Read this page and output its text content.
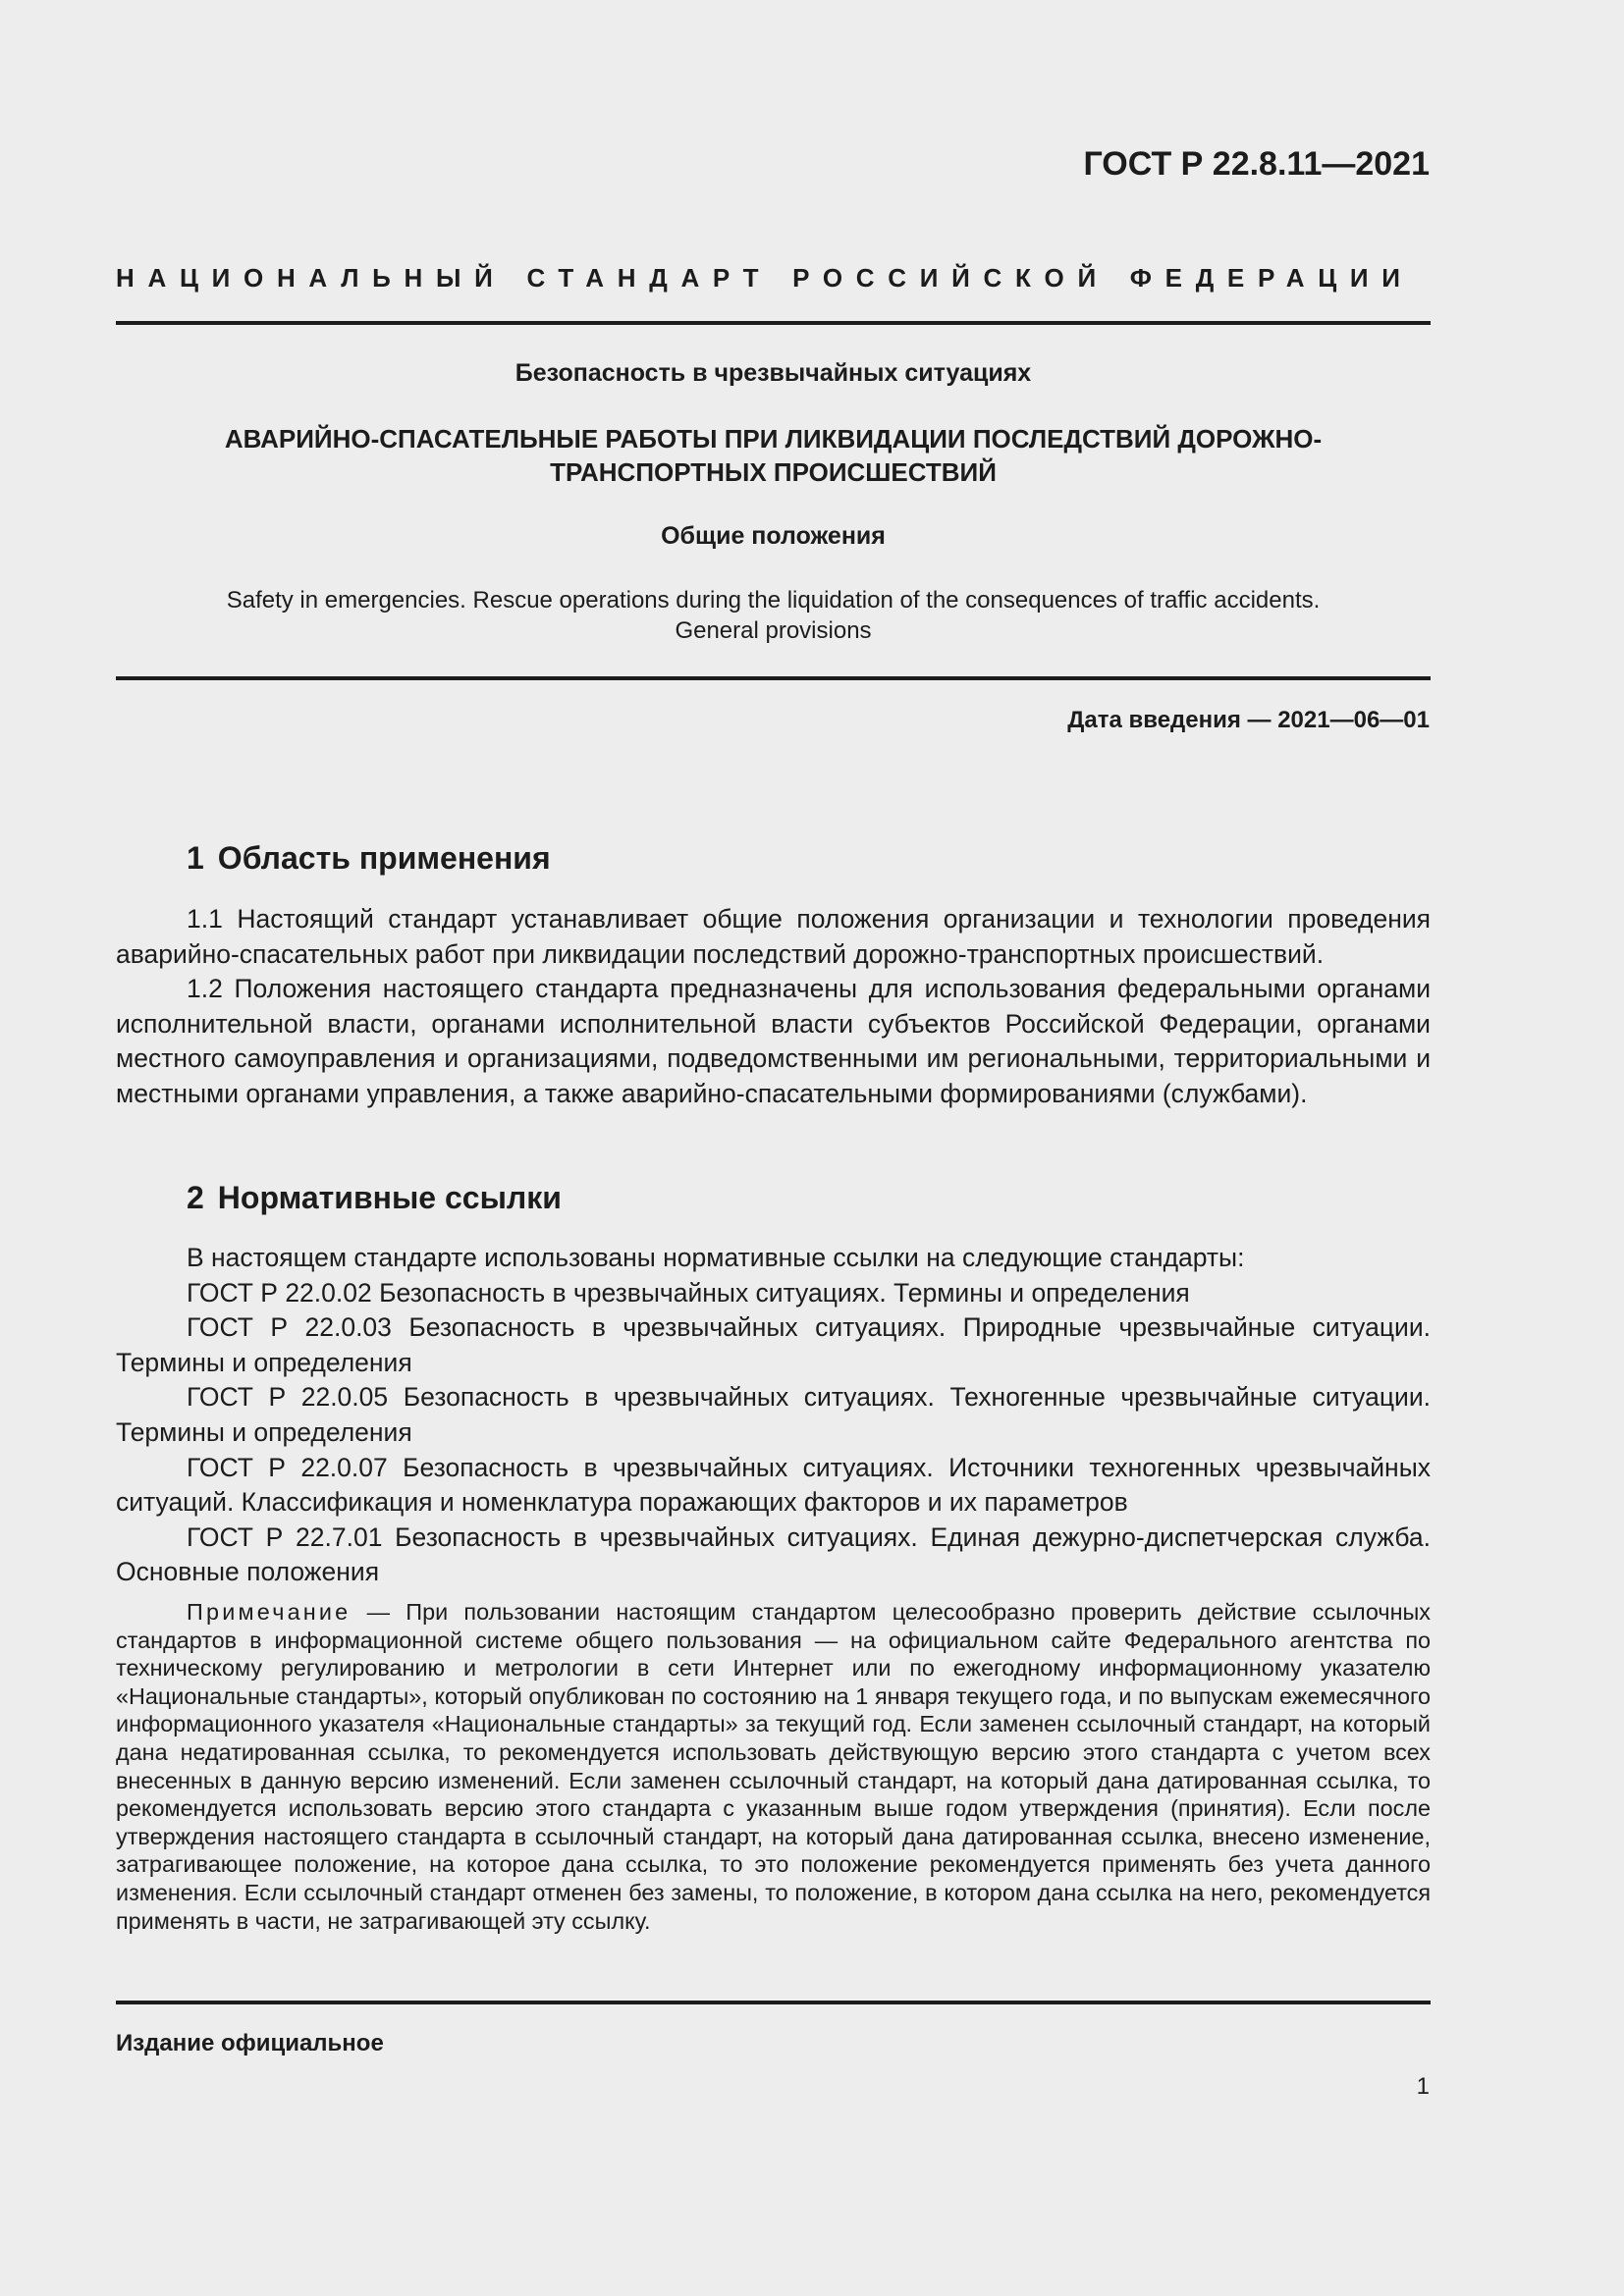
ГОСТ Р 22.8.11—2021
НАЦИОНАЛЬНЫЙ СТАНДАРТ РОССИЙСКОЙ ФЕДЕРАЦИИ
Безопасность в чрезвычайных ситуациях
АВАРИЙНО-СПАСАТЕЛЬНЫЕ РАБОТЫ ПРИ ЛИКВИДАЦИИ ПОСЛЕДСТВИЙ ДОРОЖНО-
ТРАНСПОРТНЫХ ПРОИСШЕСТВИЙ
Общие положения
Safety in emergencies. Rescue operations during the liquidation of the consequences of traffic accidents.
General provisions
Дата введения — 2021—06—01
1 Область применения

1.1 Настоящий стандарт устанавливает общие положения организации и технологии проведения аварийно-спасательных работ при ликвидации последствий дорожно-транспортных происшествий.

1.2 Положения настоящего стандарта предназначены для использования федеральными органами исполнительной власти, органами исполнительной власти субъектов Российской Федерации, органами местного самоуправления и организациями, подведомственными им региональными, территориальными и местными органами управления, а также аварийно-спасательными формированиями (службами).

2 Нормативные ссылки

В настоящем стандарте использованы нормативные ссылки на следующие стандарты:

ГОСТ Р 22.0.02 Безопасность в чрезвычайных ситуациях. Термины и определения

ГОСТ Р 22.0.03 Безопасность в чрезвычайных ситуациях. Природные чрезвычайные ситуации. Термины и определения

ГОСТ Р 22.0.05 Безопасность в чрезвычайных ситуациях. Техногенные чрезвычайные ситуации. Термины и определения

ГОСТ Р 22.0.07 Безопасность в чрезвычайных ситуациях. Источники техногенных чрезвычайных ситуаций. Классификация и номенклатура поражающих факторов и их параметров

ГОСТ Р 22.7.01 Безопасность в чрезвычайных ситуациях. Единая дежурно-диспетчерская служба. Основные положения

Примечание — При пользовании настоящим стандартом целесообразно проверить действие ссылочных стандартов в информационной системе общего пользования — на официальном сайте Федерального агентства по техническому регулированию и метрологии в сети Интернет или по ежегодному информационному указателю «Национальные стандарты», который опубликован по состоянию на 1 января текущего года, и по выпускам ежемесячного информационного указателя «Национальные стандарты» за текущий год. Если заменен ссылочный стандарт, на который дана недатированная ссылка, то рекомендуется использовать действующую версию этого стандарта с учетом всех внесенных в данную версию изменений. Если заменен ссылочный стандарт, на который дана датированная ссылка, то рекомендуется использовать версию этого стандарта с указанным выше годом утверждения (принятия). Если после утверждения настоящего стандарта в ссылочный стандарт, на который дана датированная ссылка, внесено изменение, затрагивающее положение, на которое дана ссылка, то это положение рекомендуется применять без учета данного изменения. Если ссылочный стандарт отменен без замены, то положение, в котором дана ссылка на него, рекомендуется применять в части, не затрагивающей эту ссылку.

Издание официальное
1
